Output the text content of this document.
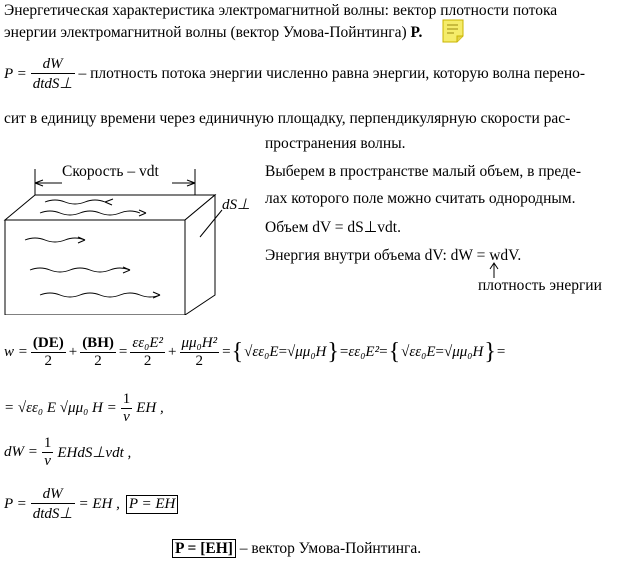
Энергетическая характеристика электромагнитной волны: вектор плотности потока
энергии электромагнитной волны (вектор Умова-Пойнтинга) P.
$P = \frac{dW}{\text{dtdS⊥}}$ – плотность потока энергии численно равна энергии, которую волна перено-
сит в единицу времени через единичную площадку, перпендикулярную скорости рас-
пространения волны.
Скорость – vdt
dS⊥
Выберем в пространстве малый объем, в преде-
лах которого поле можно считать однородным.
Объем dV = dS⊥vdt.
Энергия внутри объема dV: dW = wdV.
плотность энергии
$w = \frac{(DE)}{2} + \frac{(BH)}{2} = \frac{\text{εε₀E²}}{2} + \frac{\text{μμ₀H²}}{2}$ = { √εε₀ E = √μμ₀ H } = εε₀E² = { √εε₀ E = √μμ₀ H } =
= √εε₀ E √μμ₀ $H = \frac{1}{v}$ EH ,
dW = $\frac{1}{v}$ EHdS⊥vdt ,
$P = \frac{dW}{\text{dtdS⊥}}$ = EH , P = EH
P = [EH] – вектор Умова-Пойнтинга.
